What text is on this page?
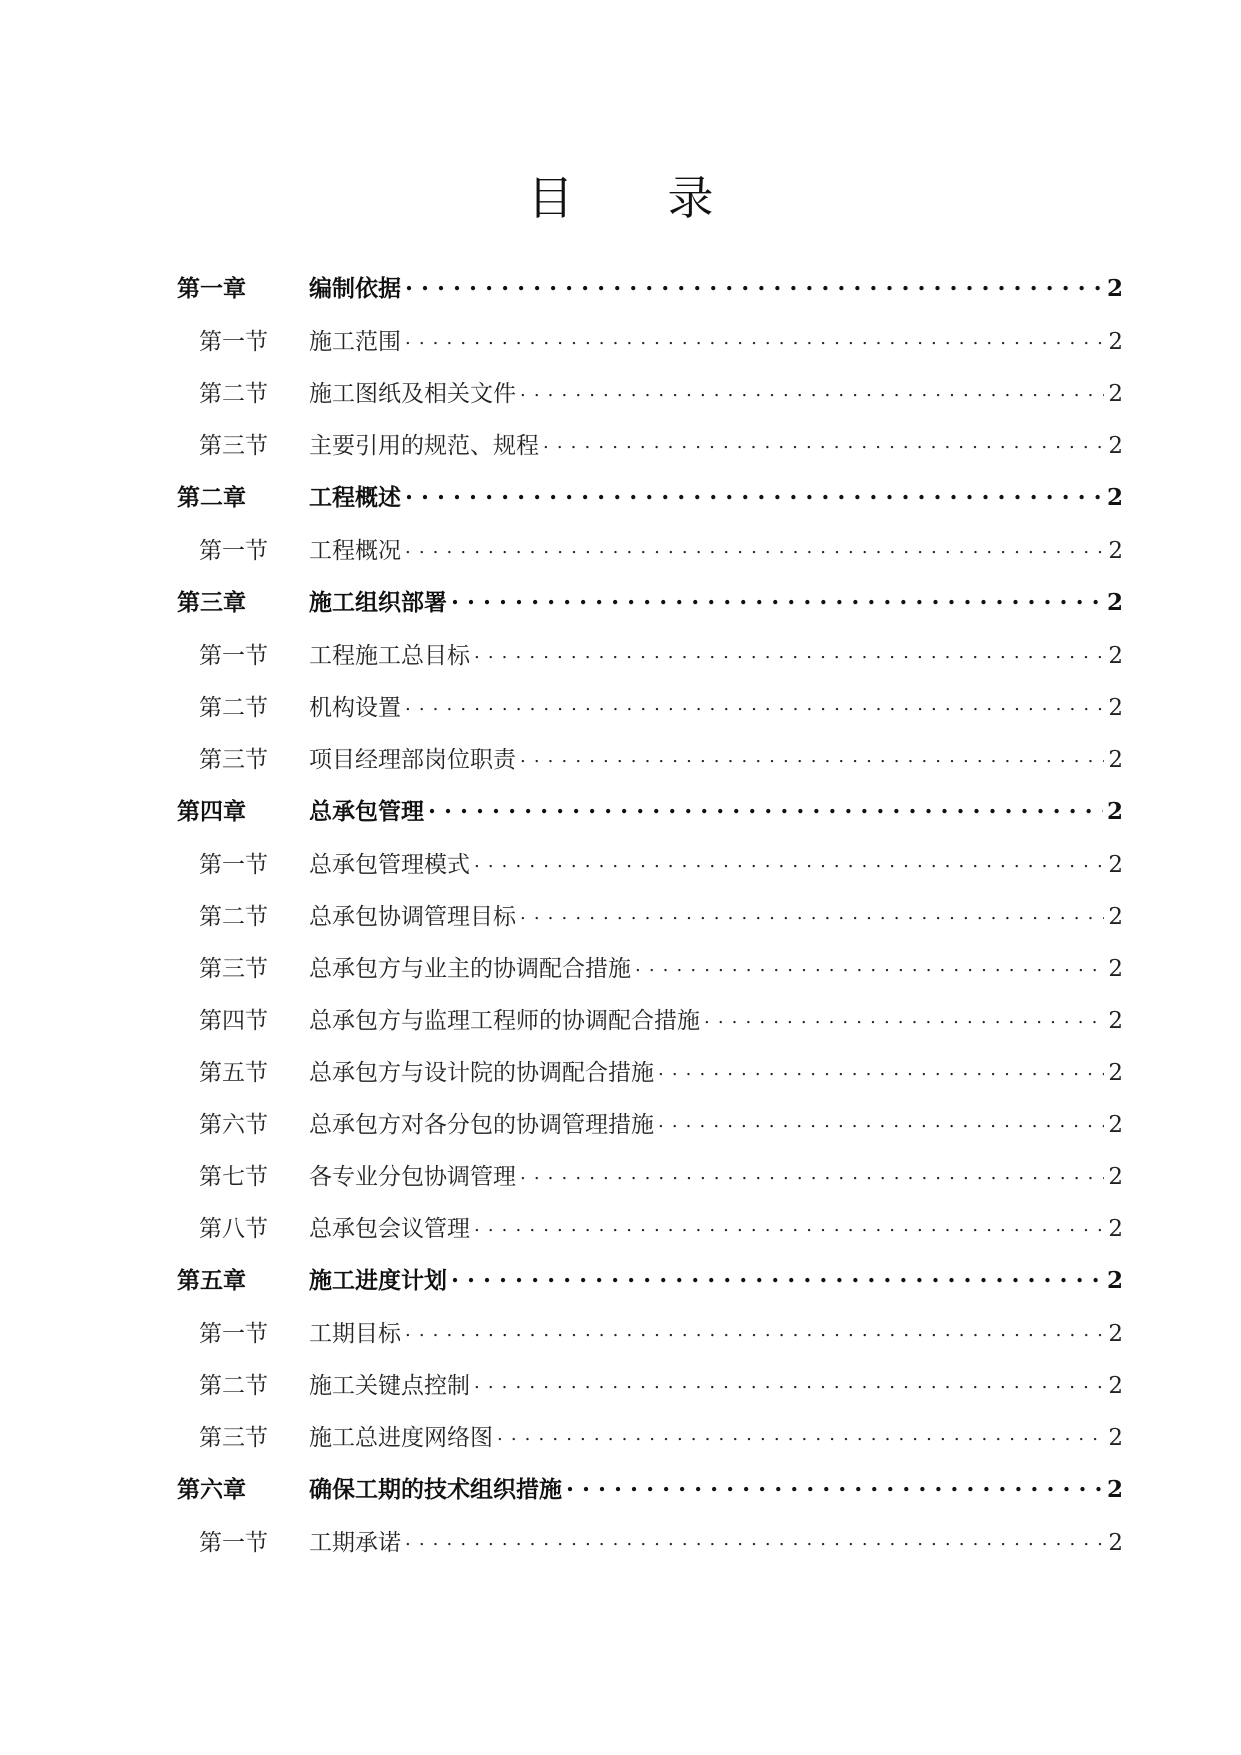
目 录
第一章	编制依据 . . .	2
第一节	施工范围 . . .	2
第二节	施工图纸及相关文件 . . .	2
第三节	主要引用的规范、规程 . . .	2
第二章	工程概述 . . .	2
第一节	工程概况 . . .	2
第三章	施工组织部署 . . .	2
第一节	工程施工总目标 . . .	2
第二节	机构设置 . . .	2
第三节	项目经理部岗位职责 . . .	2
第四章	总承包管理 . . .	2
第一节	总承包管理模式 . . .	2
第二节	总承包协调管理目标 . . .	2
第三节	总承包方与业主的协调配合措施 . . .	2
第四节	总承包方与监理工程师的协调配合措施 . . .	2
第五节	总承包方与设计院的协调配合措施 . . .	2
第六节	总承包方对各分包的协调管理措施 . . .	2
第七节	各专业分包协调管理 . . .	2
第八节	总承包会议管理 . . .	2
第五章	施工进度计划 . . .	2
第一节	工期目标 . . .	2
第二节	施工关键点控制 . . .	2
第三节	施工总进度网络图 . . .	2
第六章	确保工期的技术组织措施 . . .	2
第一节	工期承诺 . . .	2
